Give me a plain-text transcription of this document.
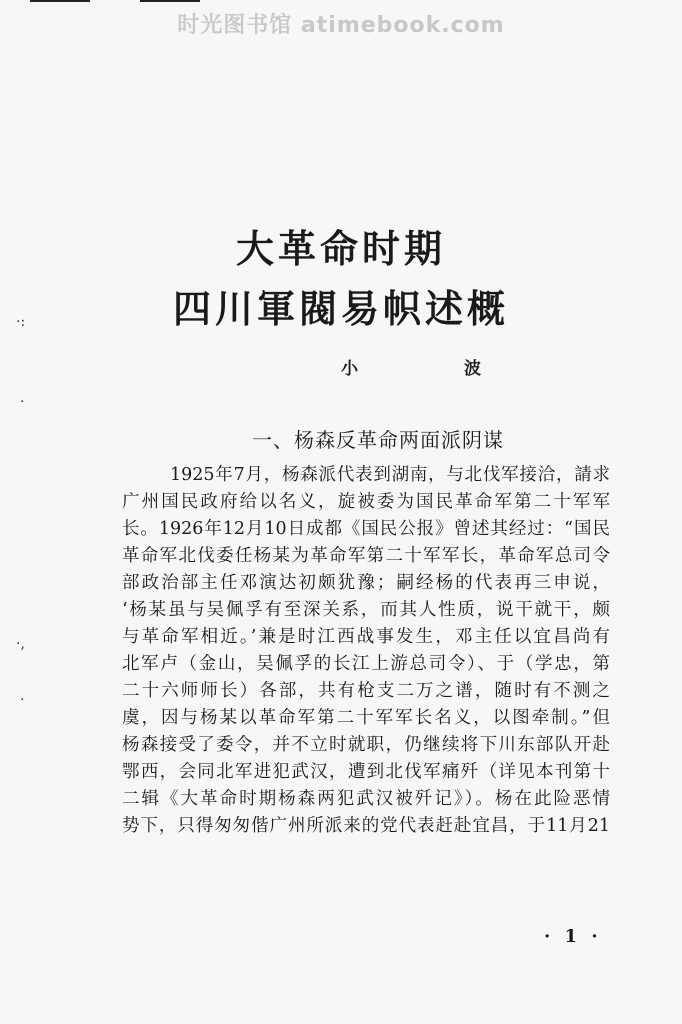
时光图书馆 atimebook.com
大革命时期
四川軍閥易帜述概
小	波
一、杨森反革命两面派阴谋
1925年7月，杨森派代表到湖南，与北伐军接洽，請求
广州国民政府给以名义，旋被委为国民革命军第二十军军
长。1926年12月10日成都《国民公报》曾述其经过：“国民
革命军北伐委任杨某为革命军第二十军军长，革命军总司令
部政治部主任邓演达初颇犹豫；嗣经杨的代表再三申说，
‘杨某虽与吴佩孚有至深关系，而其人性质，说干就干，颇
与革命军相近。’兼是时江西战事发生，邓主任以宜昌尚有
北军卢（金山，吴佩孚的长江上游总司令）、于（学忠，第
二十六师师长）各部，共有枪支二万之谱，随时有不测之
虞，因与杨某以革命军第二十军军长名义，以图牵制。”但
杨森接受了委令，并不立时就职，仍继续将下川东部队开赴
鄂西，会同北军进犯武汉，遭到北伐军痛歼（详见本刊第十
二辑《大革命时期杨森两犯武汉被歼记》）。杨在此险恶情
势下，只得匆匆偕广州所派来的党代表赶赴宜昌，于11月21
· 1 ·
·:
·
·,
·
